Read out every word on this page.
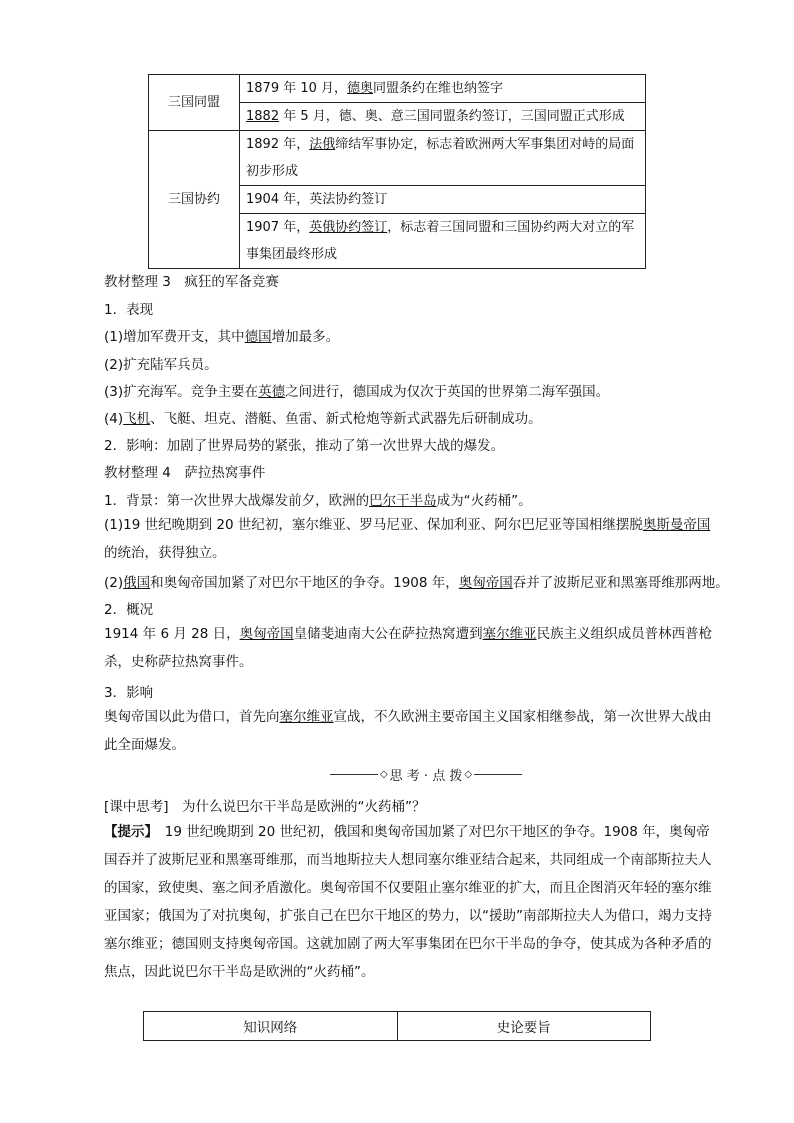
三国同盟	1879 年 10 月，德奥同盟条约在维也纳签字
	1882 年 5 月，德、奥、意三国同盟条约签订，三国同盟正式形成
三国协约	1892 年，法俄缔结军事协定，标志着欧洲两大军事集团对峙的局面初步形成
	1904 年，英法协约签订
	1907 年，英俄协约签订，标志着三国同盟和三国协约两大对立的军事集团最终形成
教材整理 3　疯狂的军备竞赛
1．表现
(1)增加军费开支，其中德国增加最多。
(2)扩充陆军兵员。
(3)扩充海军。竞争主要在英德之间进行，德国成为仅次于英国的世界第二海军强国。
(4)飞机、飞艇、坦克、潜艇、鱼雷、新式枪炮等新式武器先后研制成功。
2．影响：加剧了世界局势的紧张，推动了第一次世界大战的爆发。
教材整理 4　萨拉热窝事件
1．背景：第一次世界大战爆发前夕，欧洲的巴尔干半岛成为“火药桶”。
(1)19 世纪晚期到 20 世纪初，塞尔维亚、罗马尼亚、保加利亚、阿尔巴尼亚等国相继摆脱奥斯曼帝国的统治，获得独立。
(2)俄国和奥匈帝国加紧了对巴尔干地区的争夺。1908 年，奥匈帝国吞并了波斯尼亚和黑塞哥维那两地。
2．概况
1914 年 6 月 28 日，奥匈帝国皇储斐迪南大公在萨拉热窝遭到塞尔维亚民族主义组织成员普林西普枪杀，史称萨拉热窝事件。
3．影响
奥匈帝国以此为借口，首先向塞尔维亚宣战，不久欧洲主要帝国主义国家相继参战，第一次世界大战由此全面爆发。
◇ 思 考 · 点 拨 ◇
[课中思考]　为什么说巴尔干半岛是欧洲的“火药桶”？
【提示】　19 世纪晚期到 20 世纪初，俄国和奥匈帝国加紧了对巴尔干地区的争夺。1908 年，奥匈帝国吞并了波斯尼亚和黑塞哥维那，而当地斯拉夫人想同塞尔维亚结合起来，共同组成一个南部斯拉夫人的国家，致使奥、塞之间矛盾激化。奥匈帝国不仅要阻止塞尔维亚的扩大，而且企图消灭年轻的塞尔维亚国家；俄国为了对抗奥匈，扩张自己在巴尔干地区的势力，以“援助”南部斯拉夫人为借口，竭力支持塞尔维亚；德国则支持奥匈帝国。这就加剧了两大军事集团在巴尔干半岛的争夺，使其成为各种矛盾的焦点，因此说巴尔干半岛是欧洲的“火药桶”。
知识网络	史论要旨
